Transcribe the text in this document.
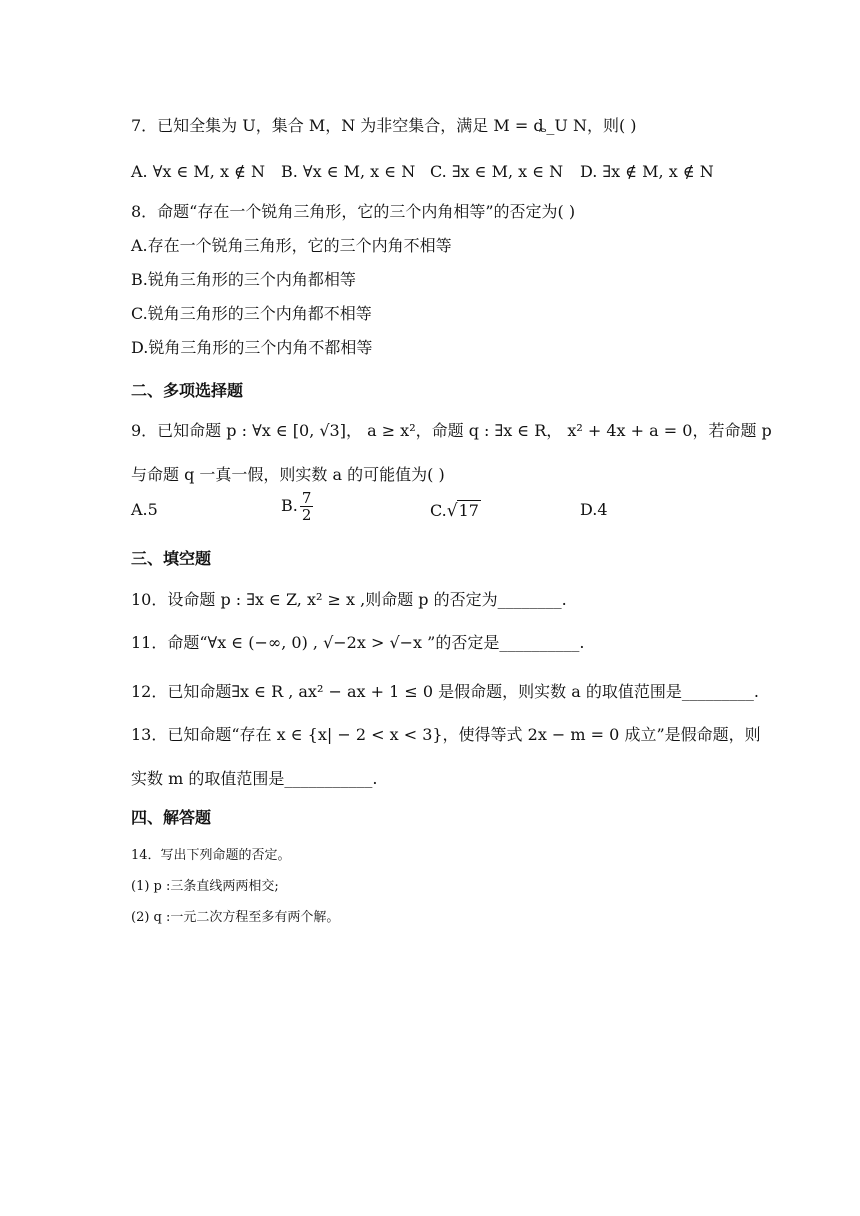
7．已知全集为 U，集合 M，N 为非空集合，满足 M = ȡ_U N，则( )
A. ∀x ∈ M, x ∉ N B. ∀x ∈ M, x ∈ N C. ∃x ∈ M, x ∈ N D. ∃x ∉ M, x ∉ N
8．命题“存在一个锐角三角形，它的三个内角相等”的否定为( )
A.存在一个锐角三角形，它的三个内角不相等
B.锐角三角形的三个内角都相等
C.锐角三角形的三个内角都不相等
D.锐角三角形的三个内角不都相等
二、多项选择题
9．已知命题 p : ∀x ∈ [0, √3]， a ≥ x²，命题 q : ∃x ∈ R， x² + 4x + a = 0，若命题 p
与命题 q 一真一假，则实数 a 的可能值为( )
A.5	B. $\frac{7}{2}$	C.√17	D.4
三、填空题
10．设命题 p : ∃x ∈ Z, x² ≥ x ,则命题 p 的否定为________.
11．命题“∀x ∈ (−∞, 0) , √−2x > √−x ”的否定是__________.
12．已知命题∃x ∈ R , ax² − ax + 1 ≤ 0 是假命题，则实数 a 的取值范围是_________.
13．已知命题“存在 x ∈ {x| − 2 < x < 3}，使得等式 2x − m = 0 成立”是假命题，则
实数 m 的取值范围是___________.
四、解答题
14．写出下列命题的否定。
(1) p :三条直线两两相交;
(2) q :一元二次方程至多有两个解。
